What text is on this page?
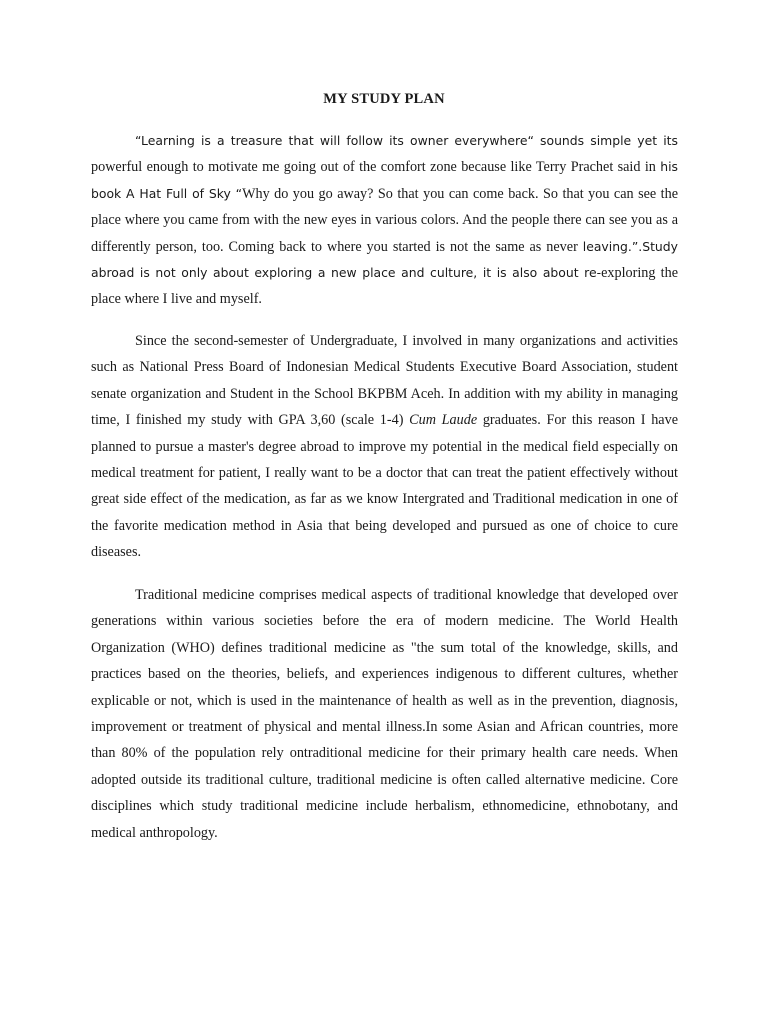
MY STUDY PLAN

“Learning is a treasure that will follow its owner everywhere“ sounds simple yet its powerful enough to motivate me going out of the comfort zone because like Terry Prachet said in his book A Hat Full of Sky “Why do you go away? So that you can come back. So that you can see the place where you came from with the new eyes in various colors. And the people there can see you as a differently person, too. Coming back to where you started is not the same as never leaving.”.Study abroad is not only about exploring a new place and culture, it is also about re-exploring the place where I live and myself.

Since the second-semester of Undergraduate, I involved in many organizations and activities such as National Press Board of Indonesian Medical Students Executive Board Association, student senate organization and Student in the School BKPBM Aceh. In addition with my ability in managing time, I finished my study with GPA 3,60 (scale 1-4) Cum Laude graduates. For this reason I have planned to pursue a master's degree abroad to improve my potential in the medical field especially on medical treatment for patient, I really want to be a doctor that can treat the patient effectively without great side effect of the medication, as far as we know Intergrated and Traditional medication in one of the favorite medication method in Asia that being developed and pursued as one of choice to cure diseases.

Traditional medicine comprises medical aspects of traditional knowledge that developed over generations within various societies before the era of modern medicine. The World Health Organization (WHO) defines traditional medicine as "the sum total of the knowledge, skills, and practices based on the theories, beliefs, and experiences indigenous to different cultures, whether explicable or not, which is used in the maintenance of health as well as in the prevention, diagnosis, improvement or treatment of physical and mental illness.In some Asian and African countries, more than 80% of the population rely ontraditional medicine for their primary health care needs. When adopted outside its traditional culture, traditional medicine is often called alternative medicine. Core disciplines which study traditional medicine include herbalism, ethnomedicine, ethnobotany, and medical anthropology.
